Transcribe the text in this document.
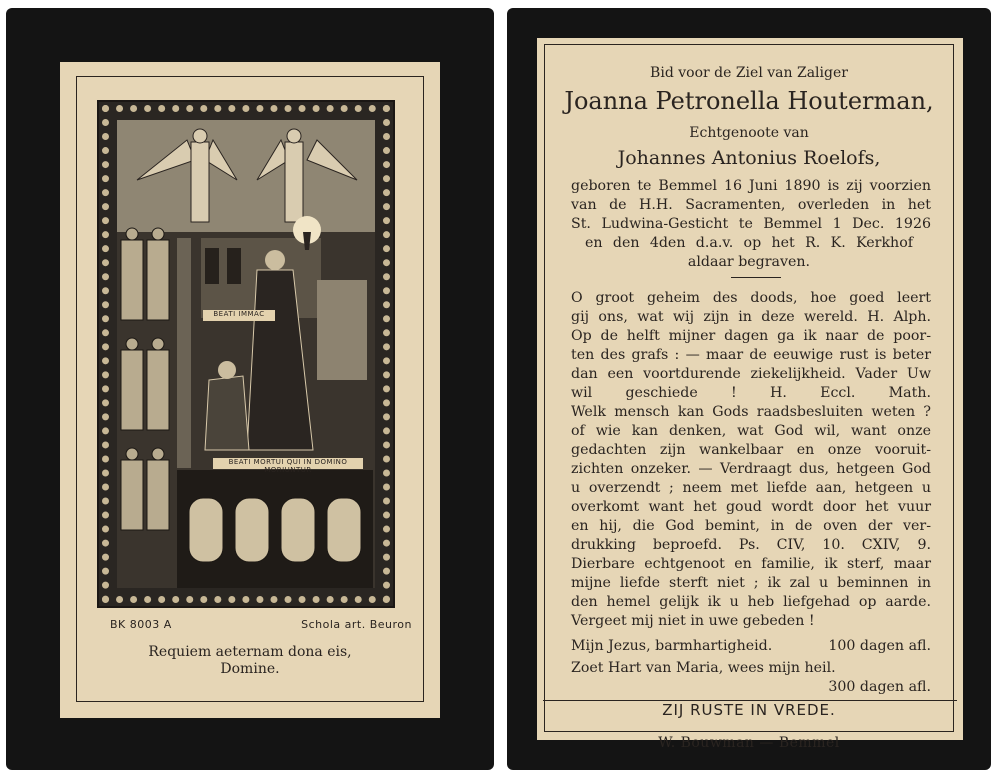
BEATI IMMAC
BEATI MORTUI QUI IN DOMINO MORIUNTUR
BK 8003 A	Schola art. Beuron
Requiem aeternam dona eis,
Domine.
Bid voor de Ziel van Zaliger
Joanna Petronella Houterman,
Echtgenoote van
Johannes Antonius Roelofs,
geboren te Bemmel 16 Juni 1890 is zij voorzien
van de H.H. Sacramenten, overleden in het
St. Ludwina-Gesticht te Bemmel 1 Dec. 1926
en den 4den d.a.v. op het R. K. Kerkhof
aldaar begraven.
O groot geheim des doods, hoe goed leert
gij ons, wat wij zijn in deze wereld. H. Alph.
Op de helft mijner dagen ga ik naar de poor-
ten des grafs : — maar de eeuwige rust is beter
dan een voortdurende ziekelijkheid. Vader Uw
wil geschiede ! H. Eccl. Math.
Welk mensch kan Gods raadsbesluiten weten ?
of wie kan denken, wat God wil, want onze
gedachten zijn wankelbaar en onze vooruit-
zichten onzeker. — Verdraagt dus, hetgeen God
u overzendt ; neem met liefde aan, hetgeen u
overkomt want het goud wordt door het vuur
en hij, die God bemint, in de oven der ver-
drukking beproefd. Ps. CIV, 10. CXIV, 9.
Dierbare echtgenoot en familie, ik sterf, maar
mijne liefde sterft niet ; ik zal u beminnen in
den hemel gelijk ik u heb liefgehad op aarde.
Vergeet mij niet in uwe gebeden !
Mijn Jezus, barmhartigheid.	100 dagen afl.
Zoet Hart van Maria, wees mijn heil.
300 dagen afl.
ZIJ RUSTE IN VREDE.
W. Bouwman — Bemmel
